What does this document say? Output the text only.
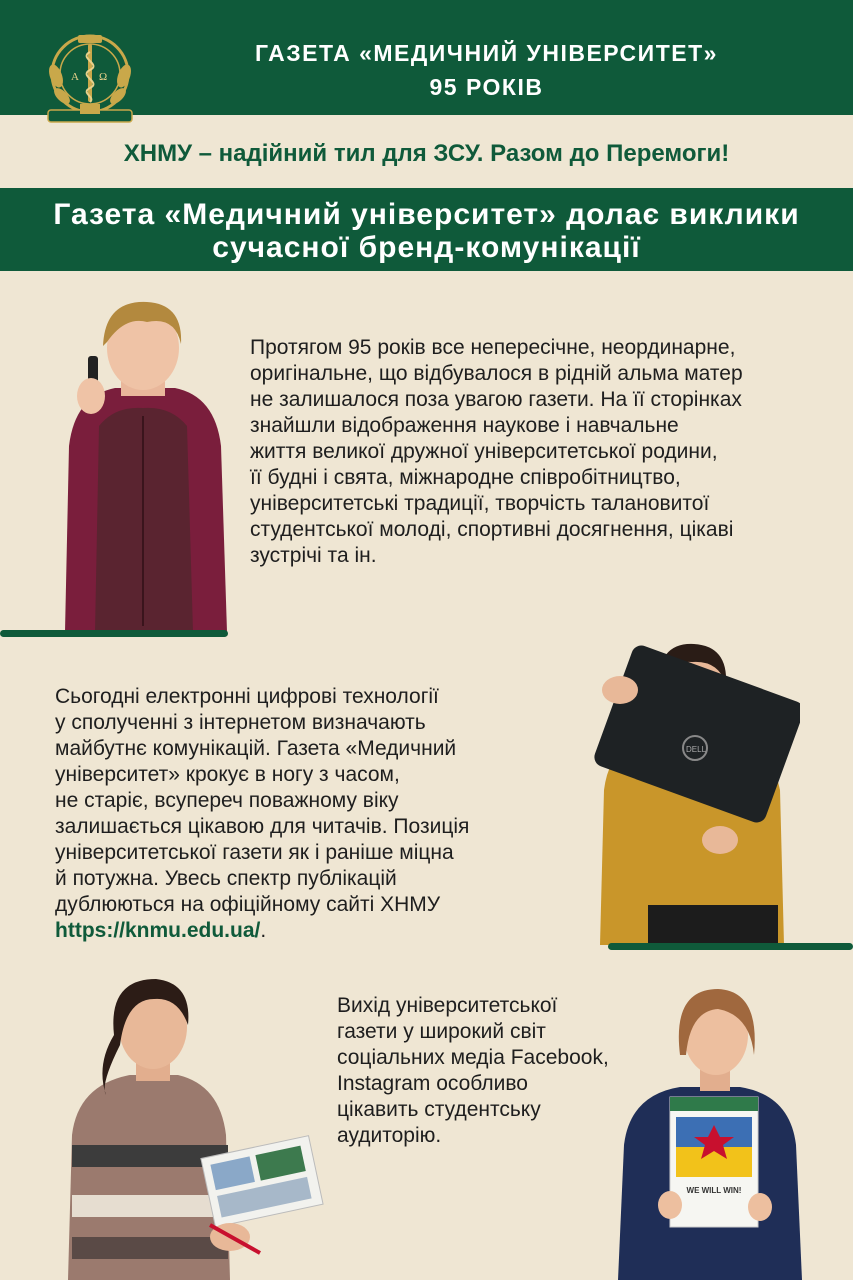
ГАЗЕТА «МЕДИЧНИЙ УНІВЕРСИТЕТ»
95 РОКІВ
Α Ω
ХНМУ – надійний тил для ЗСУ. Разом до Перемоги!
Газета «Медичний університет» долає виклики
сучасної бренд-комунікації
Протягом 95 років все непересічне, неординарне,
оригінальне, що відбувалося в рідній альма матер
не залишалося поза увагою газети. На її сторінках
знайшли відображення наукове і навчальне
життя великої дружної університетської родини,
її будні і свята, міжнародне співробітництво,
університетські традиції, творчість талановитої
студентської молоді, спортивні досягнення, цікаві
зустрічі та ін.
Сьогодні електронні цифрові технології
у сполученні з інтернетом визначають
майбутнє комунікацій. Газета «Медичний
університет» крокує в ногу з часом,
не старіє, всупереч поважному віку
залишається цікавою для читачів. Позиція
університетської газети як і раніше міцна
й потужна. Увесь спектр публікацій
дублюються на офіційному сайті ХНМУ
https://knmu.edu.ua/.
DELL
Вихід університетської
газети у широкий світ
соціальних медіа Facebook,
Instagram особливо
цікавить студентську
аудиторію.
WE WILL WIN!
